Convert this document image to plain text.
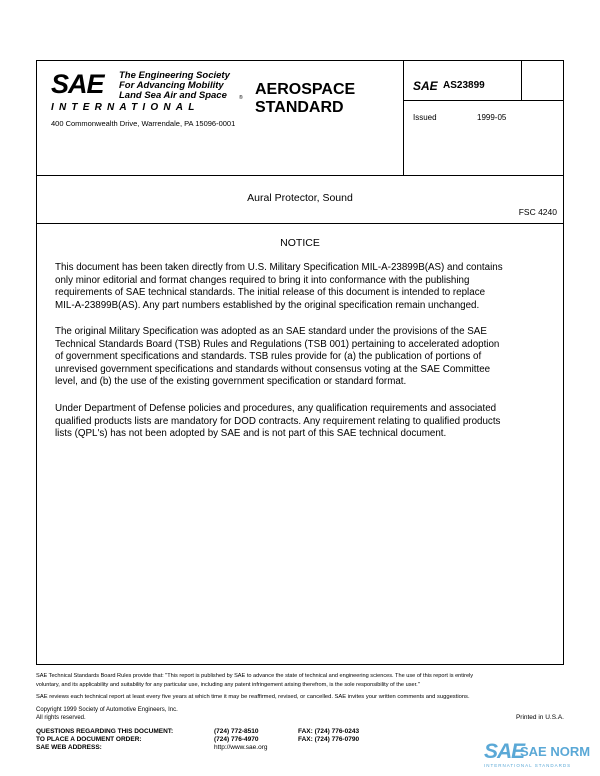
SAE The Engineering Society
For Advancing Mobility
Land Sea Air and Space	®
INTERNATIONAL
400 Commonwealth Drive, Warrendale, PA 15096-0001
AEROSPACE
STANDARD
SAE AS23899
Issued	1999-05
Aural Protector, Sound
FSC 4240
NOTICE
This document has been taken directly from U.S. Military Specification MIL-A-23899B(AS) and contains
only minor editorial and format changes required to bring it into conformance with the publishing
requirements of SAE technical standards. The initial release of this document is intended to replace
MIL-A-23899B(AS). Any part numbers established by the original specification remain unchanged.
The original Military Specification was adopted as an SAE standard under the provisions of the SAE
Technical Standards Board (TSB) Rules and Regulations (TSB 001) pertaining to accelerated adoption
of government specifications and standards. TSB rules provide for (a) the publication of portions of
unrevised government specifications and standards without consensus voting at the SAE Committee
level, and (b) the use of the existing government specification or standard format.
Under Department of Defense policies and procedures, any qualification requirements and associated
qualified products lists are mandatory for DOD contracts. Any requirement relating to qualified products
lists (QPL's) has not been adopted by SAE and is not part of this SAE technical document.
SAE Technical Standards Board Rules provide that: "This report is published by SAE to advance the state of technical and engineering sciences. The use of this report is entirely
voluntary, and its applicability and suitability for any particular use, including any patent infringement arising therefrom, is the sole responsibility of the user."
SAE reviews each technical report at least every five years at which time it may be reaffirmed, revised, or cancelled. SAE invites your written comments and suggestions.
Copyright 1999 Society of Automotive Engineers, Inc.
All rights reserved.	Printed in U.S.A.
QUESTIONS REGARDING THIS DOCUMENT:	(724) 772-8510	FAX: (724) 776-0243
TO PLACE A DOCUMENT ORDER:	(724) 776-4970	FAX: (724) 776-0790
SAE WEB ADDRESS:	http://www.sae.org	SAE
SAE NORM
INTERNATIONAL STANDARDS
